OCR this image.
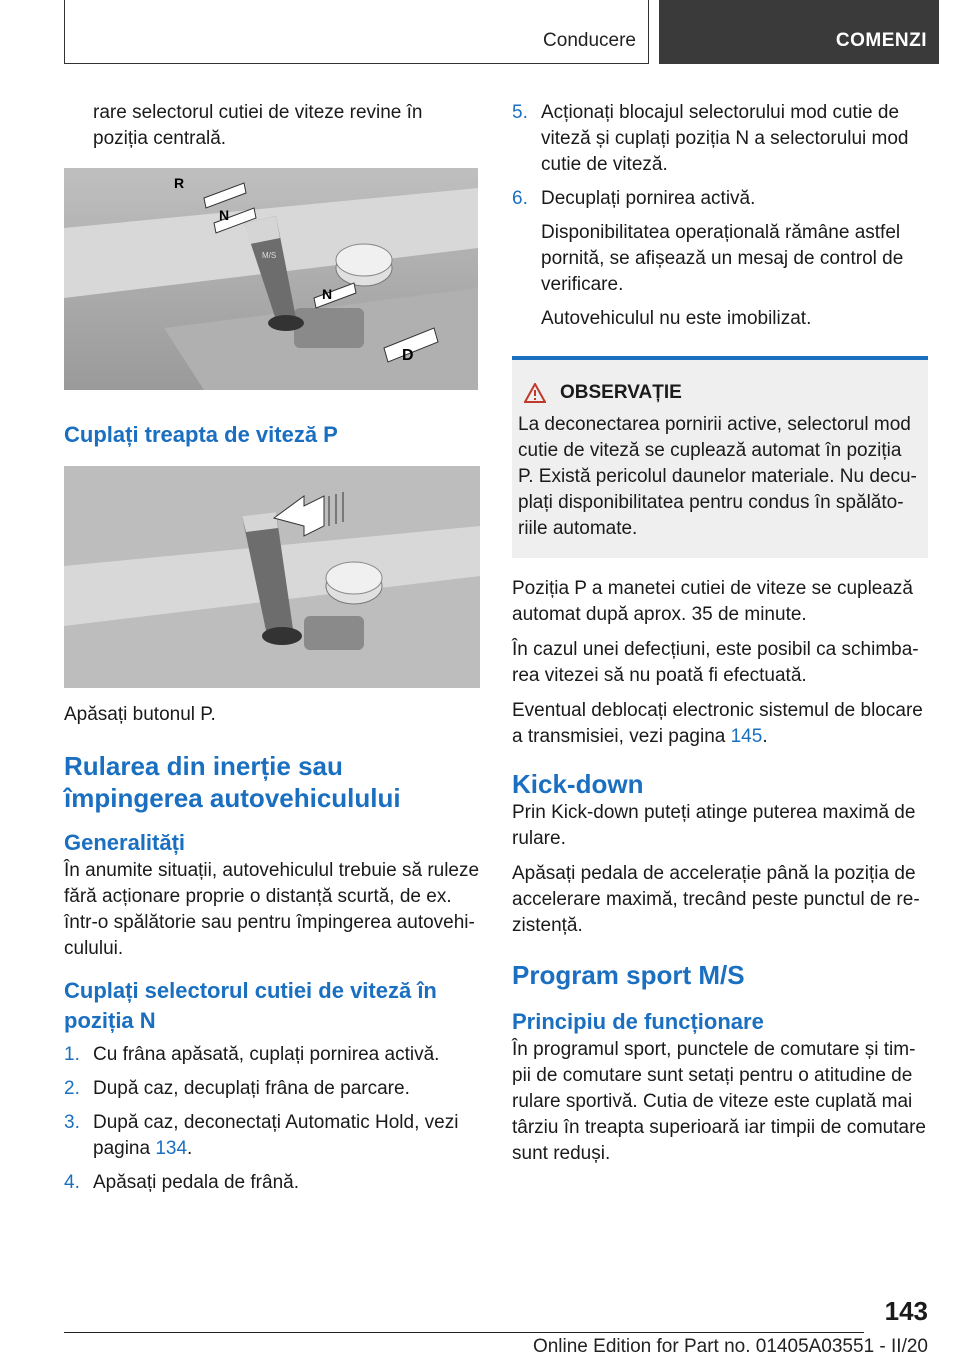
Conducere	COMENZI

rare selectorul cutiei de viteze revine în poziția centrală.

R
N
N
D
M/S
Cuplați treapta de viteză P

Apăsați butonul P.

Rularea din inerție sau împingerea autovehiculului
Generalități

În anumite situații, autovehiculul trebuie să ruleze fără acționare proprie o distanță scurtă, de ex. într-o spălătorie sau pentru împingerea autovehiculului.

Cuplați selectorul cutiei de viteză în poziția N
1. Cu frâna apăsată, cuplați pornirea activă.
2. După caz, decuplați frâna de parcare.
3. După caz, deconectați Automatic Hold, vezi pagina 134.
4. Apăsați pedala de frână.
5. Acționați blocajul selectorului mod cutie de viteză și cuplați poziția N a selectorului mod cutie de viteză.
6. Decuplați pornirea activă.
Disponibilitatea operațională rămâne astfel pornită, se afișează un mesaj de control de verificare.
Autovehiculul nu este imobilizat.
OBSERVAȚIE

La deconectarea pornirii active, selectorul mod cutie de viteză se cuplează automat în poziția P. Există pericolul daunelor materiale. Nu decuplați disponibilitatea pentru condus în spălătoriile automate.

Poziția P a manetei cutiei de viteze se cuplează automat după aprox. 35 de minute.

În cazul unei defecțiuni, este posibil ca schimbarea vitezei să nu poată fi efectuată.

Eventual deblocați electronic sistemul de blocare a transmisiei, vezi pagina 145.

Kick-down

Prin Kick-down puteți atinge puterea maximă de rulare.

Apăsați pedala de accelerație până la poziția de accelerare maximă, trecând peste punctul de rezistență.

Program sport M/S
Principiu de funcționare

În programul sport, punctele de comutare și timpii de comutare sunt setați pentru o atitudine de rulare sportivă. Cutia de viteze este cuplată mai târziu în treapta superioară iar timpii de comutare sunt reduși.

143
Online Edition for Part no. 01405A03551 - II/20
